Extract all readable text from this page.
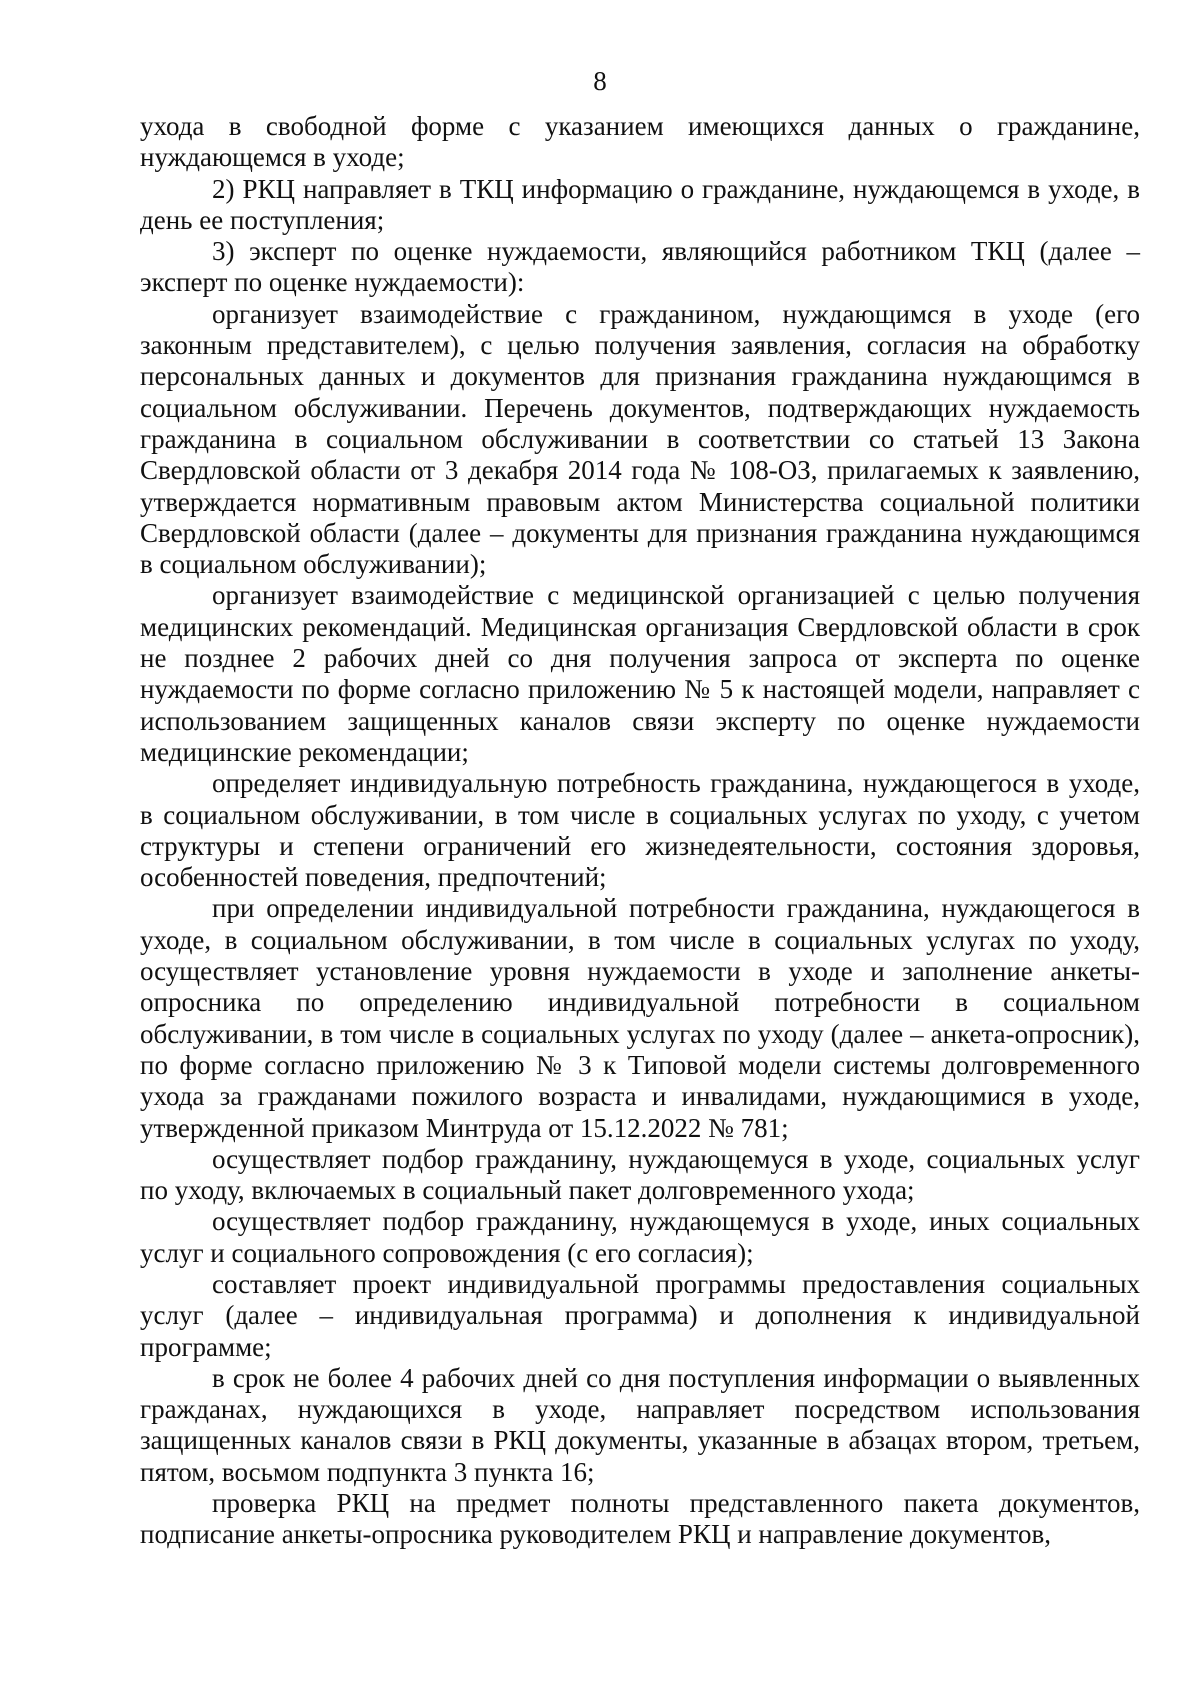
8

ухода в свободной форме с указанием имеющихся данных о гражданине, нуждающемся в уходе;

2) РКЦ направляет в ТКЦ информацию о гражданине, нуждающемся в уходе, в день ее поступления;

3) эксперт по оценке нуждаемости, являющийся работником ТКЦ (далее – эксперт по оценке нуждаемости):

организует взаимодействие с гражданином, нуждающимся в уходе (его законным представителем), с целью получения заявления, согласия на обработку персональных данных и документов для признания гражданина нуждающимся в социальном обслуживании. Перечень документов, подтверждающих нуждаемость гражданина в социальном обслуживании в соответствии со статьей 13 Закона Свердловской области от 3 декабря 2014 года № 108-ОЗ, прилагаемых к заявлению, утверждается нормативным правовым актом Министерства социальной политики Свердловской области (далее – документы для признания гражданина нуждающимся в социальном обслуживании);

организует взаимодействие с медицинской организацией с целью получения медицинских рекомендаций. Медицинская организация Свердловской области в срок не позднее 2 рабочих дней со дня получения запроса от эксперта по оценке нуждаемости по форме согласно приложению № 5 к настоящей модели, направляет с использованием защищенных каналов связи эксперту по оценке нуждаемости медицинские рекомендации;

определяет индивидуальную потребность гражданина, нуждающегося в уходе, в социальном обслуживании, в том числе в социальных услугах по уходу, с учетом структуры и степени ограничений его жизнедеятельности, состояния здоровья, особенностей поведения, предпочтений;

при определении индивидуальной потребности гражданина, нуждающегося в уходе, в социальном обслуживании, в том числе в социальных услугах по уходу, осуществляет установление уровня нуждаемости в уходе и заполнение анкеты-опросника по определению индивидуальной потребности в социальном обслуживании, в том числе в социальных услугах по уходу (далее – анкета-опросник), по форме согласно приложению № 3 к Типовой модели системы долговременного ухода за гражданами пожилого возраста и инвалидами, нуждающимися в уходе, утвержденной приказом Минтруда от 15.12.2022 № 781;

осуществляет подбор гражданину, нуждающемуся в уходе, социальных услуг по уходу, включаемых в социальный пакет долговременного ухода;

осуществляет подбор гражданину, нуждающемуся в уходе, иных социальных услуг и социального сопровождения (с его согласия);

составляет проект индивидуальной программы предоставления социальных услуг (далее – индивидуальная программа) и дополнения к индивидуальной программе;

в срок не более 4 рабочих дней со дня поступления информации о выявленных гражданах, нуждающихся в уходе, направляет посредством использования защищенных каналов связи в РКЦ документы, указанные в абзацах втором, третьем, пятом, восьмом подпункта 3 пункта 16;

проверка РКЦ на предмет полноты представленного пакета документов, подписание анкеты-опросника руководителем РКЦ и направление документов,
